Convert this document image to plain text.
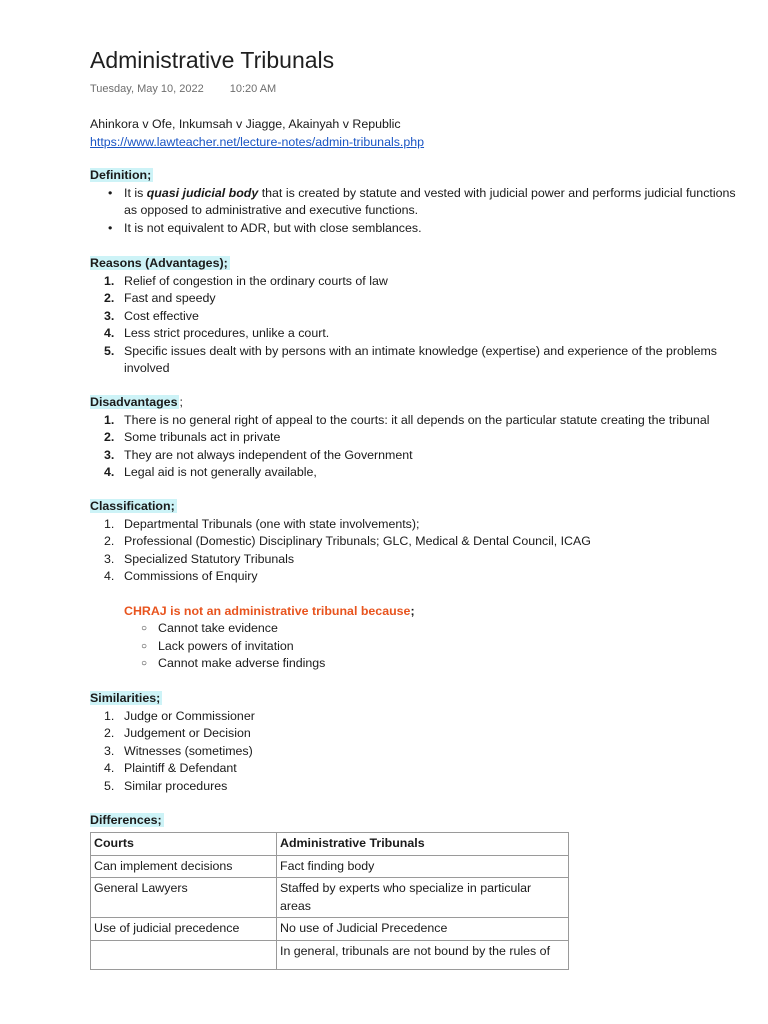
Administrative Tribunals
Tuesday, May 10, 2022 10:20 AM
Ahinkora v Ofe, Inkumsah v Jiagge, Akainyah v Republic
https://www.lawteacher.net/lecture-notes/admin-tribunals.php
Definition;
• It is quasi judicial body that is created by statute and vested with judicial power and performs judicial functions
as opposed to administrative and executive functions.
• It is not equivalent to ADR, but with close semblances.
Reasons (Advantages);
1. Relief of congestion in the ordinary courts of law
2. Fast and speedy
3. Cost effective
4. Less strict procedures, unlike a court.
5. Specific issues dealt with by persons with an intimate knowledge (expertise) and experience of the problems
involved
Disadvantages ;
1. There is no general right of appeal to the courts: it all depends on the particular statute creating the tribunal
2. Some tribunals act in private
3. They are not always independent of the Government
4. Legal aid is not generally available,
Classification;
1. Departmental Tribunals (one with state involvements);
2. Professional (Domestic) Disciplinary Tribunals; GLC, Medical & Dental Council, ICAG
3. Specialized Statutory Tribunals
4. Commissions of Enquiry
CHRAJ is not an administrative tribunal because;
○ Cannot take evidence
○ Lack powers of invitation
○ Cannot make adverse findings
Similarities;
1. Judge or Commissioner
2. Judgement or Decision
3. Witnesses (sometimes)
4. Plaintiff & Defendant
5. Similar procedures
Differences;
Courts	Administrative Tribunals
Can implement decisions	Fact finding body
General Lawyers	Staffed by experts who specialize in particular areas
Use of judicial precedence	No use of Judicial Precedence
	In general, tribunals are not bound by the rules of
